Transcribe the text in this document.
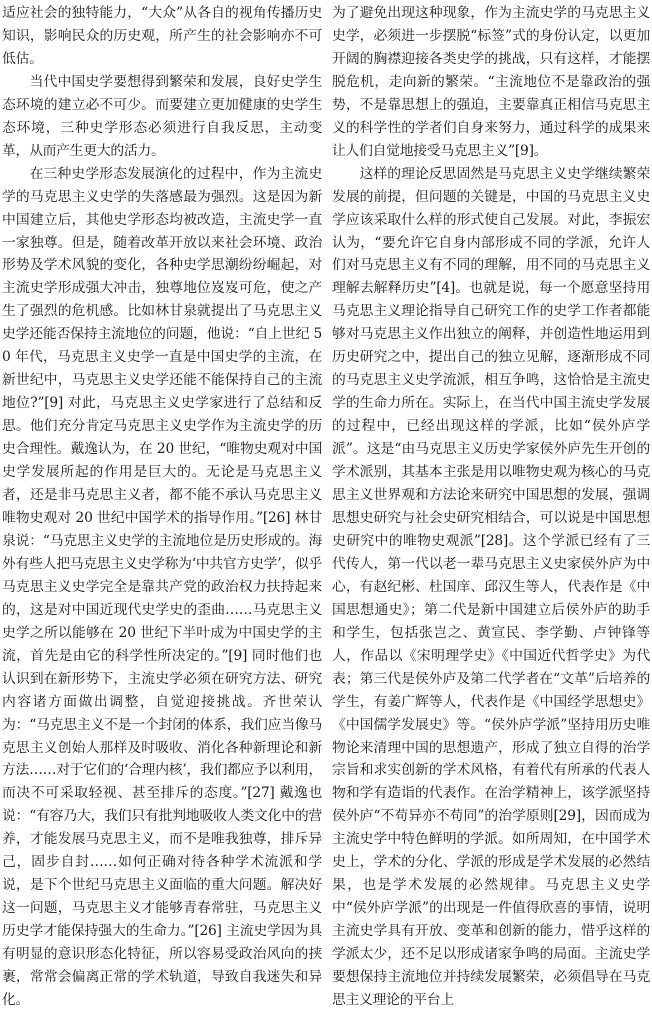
适应社会的独特能力，“大众”从各自的视角传播历史知识，影响民众的历史观，所产生的社会影响亦不可低估。

当代中国史学要想得到繁荣和发展，良好史学生态环境的建立必不可少。而要建立更加健康的史学生态环境，三种史学形态必须进行自我反思，主动变革，从而产生更大的活力。

在三种史学形态发展演化的过程中，作为主流史学的马克思主义史学的失落感最为强烈。这是因为新中国建立后，其他史学形态均被改造，主流史学一直一家独尊。但是，随着改革开放以来社会环境、政治形势及学术风貌的变化，各种史学思潮纷纷崛起，对主流史学形成强大冲击，独尊地位岌岌可危，使之产生了强烈的危机感。比如林甘泉就提出了马克思主义史学还能否保持主流地位的问题，他说：“自上世纪 50 年代，马克思主义史学一直是中国史学的主流，在新世纪中，马克思主义史学还能不能保持自己的主流地位?”[9] 对此，马克思主义史学家进行了总结和反思。他们充分肯定马克思主义史学作为主流史学的历史合理性。戴逸认为，在 20 世纪，“唯物史观对中国史学发展所起的作用是巨大的。无论是马克思主义者，还是非马克思主义者，都不能不承认马克思主义唯物史观对 20 世纪中国学术的指导作用。”[26] 林甘泉说：“马克思主义史学的主流地位是历史形成的。海外有些人把马克思主义史学称为‘中共官方史学’，似乎马克思主义史学完全是靠共产党的政治权力扶持起来的，这是对中国近现代史学史的歪曲……马克思主义史学之所以能够在 20 世纪下半叶成为中国史学的主流，首先是由它的科学性所决定的。”[9] 同时他们也认识到在新形势下，主流史学必须在研究方法、研究内容诸方面做出调整，自觉迎接挑战。齐世荣认为：“马克思主义不是一个封闭的体系，我们应当像马克思主义创始人那样及时吸收、消化各种新理论和新方法……对于它们的‘合理内核’，我们都应予以利用，而决不可采取轻视、甚至排斥的态度。”[27] 戴逸也说：“有容乃大，我们只有批判地吸收人类文化中的营养，才能发展马克思主义，而不是唯我独尊，排斥异己，固步自封……如何正确对待各种学术流派和学说，是下个世纪马克思主义面临的重大问题。解决好这一问题，马克思主义才能够青春常驻，马克思主义历史学才能保持强大的生命力。”[26] 主流史学因为具有明显的意识形态化特征，所以容易受政治风向的挟裹，常常会偏离正常的学术轨道，导致自我迷失和异化。

为了避免出现这种现象，作为主流史学的马克思主义史学，必须进一步摆脱“标签”式的身份认定，以更加开阔的胸襟迎接各类史学的挑战，只有这样，才能摆脱危机，走向新的繁荣。“主流地位不是靠政治的强势，不是靠思想上的强迫，主要靠真正相信马克思主义的科学性的学者们自身来努力，通过科学的成果来让人们自觉地接受马克思主义”[9]。

这样的理论反思固然是马克思主义史学继续繁荣发展的前提，但问题的关键是，中国的马克思主义史学应该采取什么样的形式使自己发展。对此，李振宏认为，“要允许它自身内部形成不同的学派，允许人们对马克思主义有不同的理解，用不同的马克思主义理解去解释历史”[4]。也就是说，每一个愿意坚持用马克思主义理论指导自己研究工作的史学工作者都能够对马克思主义作出独立的阐释，并创造性地运用到历史研究之中，提出自己的独立见解，逐渐形成不同的马克思主义史学流派，相互争鸣，这恰恰是主流史学的生命力所在。实际上，在当代中国主流史学发展的过程中，已经出现这样的学派，比如“侯外庐学派”。这是“由马克思主义历史学家侯外庐先生开创的学术派别，其基本主张是用以唯物史观为核心的马克思主义世界观和方法论来研究中国思想的发展，强调思想史研究与社会史研究相结合，可以说是中国思想史研究中的唯物史观派”[28]。这个学派已经有了三代传人，第一代以老一辈马克思主义史家侯外庐为中心，有赵纪彬、杜国庠、邱汉生等人，代表作是《中国思想通史》；第二代是新中国建立后侯外庐的助手和学生，包括张岂之、黄宣民、李学勤、卢钟锋等人，作品以《宋明理学史》《中国近代哲学史》为代表；第三代是侯外庐及第二代学者在“文革”后培养的学生，有姜广辉等人，代表作是《中国经学思想史》《中国儒学发展史》等。“侯外庐学派”坚持用历史唯物论来清理中国的思想遗产，形成了独立自得的治学宗旨和求实创新的学术风格，有着代有所承的代表人物和学有造诣的代表作。在治学精神上，该学派坚持侯外庐“不苟异亦不苟同”的治学原则[29]，因而成为主流史学中特色鲜明的学派。如所周知，在中国学术史上，学术的分化、学派的形成是学术发展的必然结果，也是学术发展的必然规律。马克思主义史学中“侯外庐学派”的出现是一件值得欣喜的事情，说明主流史学具有开放、变革和创新的能力，惜乎这样的学派太少，还不足以形成诸家争鸣的局面。主流史学要想保持主流地位并持续发展繁荣，必须倡导在马克思主义理论的平台上
